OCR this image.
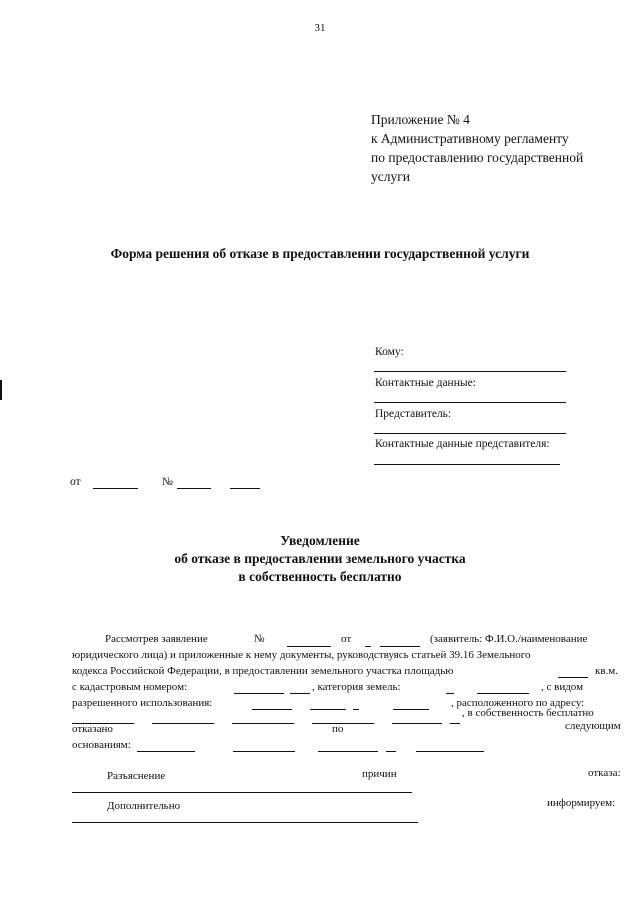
31
Приложение № 4
к Административному регламенту
по предоставлению государственной
услуги
Форма решения об отказе в предоставлении государственной услуги
Кому:
Контактные данные:
Представитель:
Контактные данные представителя:
от	№
Уведомление
об отказе в предоставлении земельного участка
в собственность бесплатно
Рассмотрев заявление	№	от	(заявитель: Ф.И.О./наименование
юридического лица) и приложенные к нему документы, руководствуясь статьей 39.16 Земельного
кодекса Российской Федерации, в предоставлении земельного участка площадью	кв.м.
с кадастровым номером:	, категория земель:	, с видом
разрешенного использования:	, расположенного по адресу:
, в собственность бесплатно
отказано	по	следующим
основаниям:
Разъяснение	причин	отказа:
Дополнительно	информируем:
